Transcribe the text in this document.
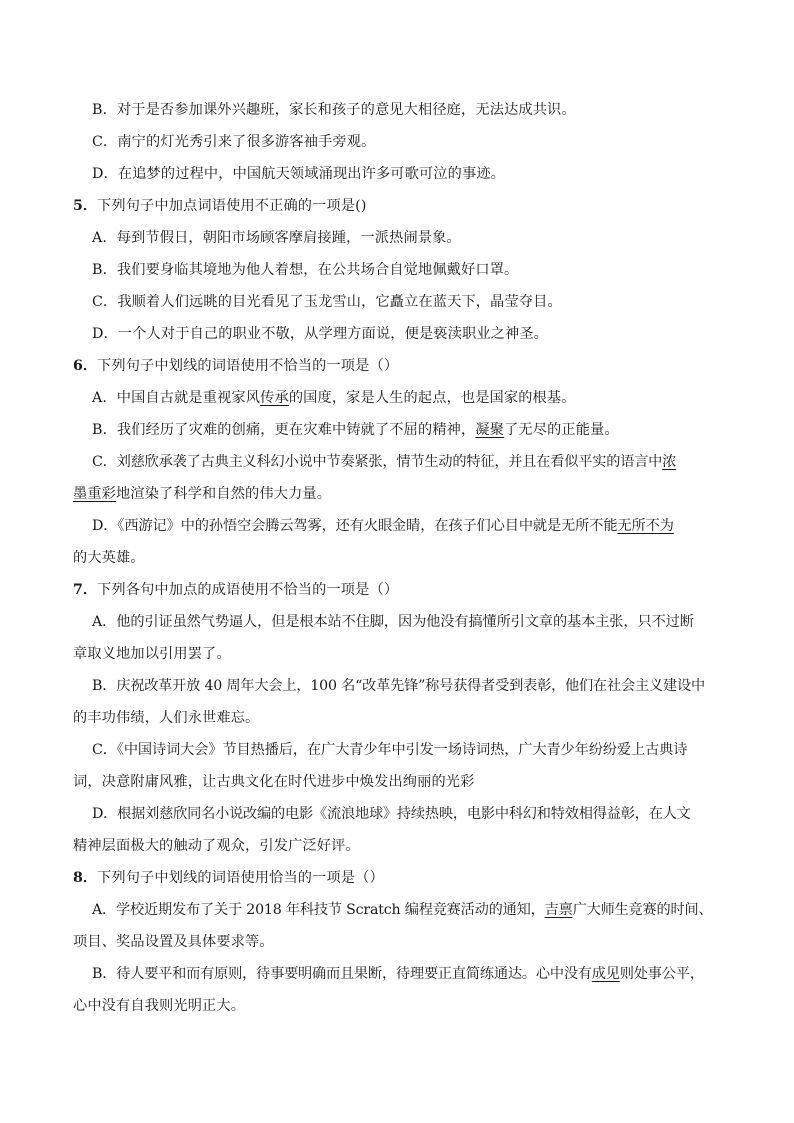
B．对于是否参加课外兴趣班，家长和孩子的意见大相径庭，无法达成共识。
C．南宁的灯光秀引来了很多游客袖手旁观。
D．在追梦的过程中，中国航天领域涌现出许多可歌可泣的事迹。
5．下列句子中加点词语使用不正确的一项是()
A．每到节假日，朝阳市场顾客摩肩接踵，一派热闹景象。
B．我们要身临其境地为他人着想，在公共场合自觉地佩戴好口罩。
C．我顺着人们远眺的目光看见了玉龙雪山，它矗立在蓝天下，晶莹夺目。
D．一个人对于自己的职业不敬，从学理方面说，便是亵渎职业之神圣。
6．下列句子中划线的词语使用不恰当的一项是（）
A．中国自古就是重视家风传承的国度，家是人生的起点，也是国家的根基。
B．我们经历了灾难的创痛，更在灾难中铸就了不屈的精神，凝聚了无尽的正能量。
C．刘慈欣承袭了古典主义科幻小说中节奏紧张，情节生动的特征，并且在看似平实的语言中浓
墨重彩地渲染了科学和自然的伟大力量。
D．《西游记》中的孙悟空会腾云驾雾，还有火眼金睛，在孩子们心目中就是无所不能无所不为
的大英雄。
7．下列各句中加点的成语使用不恰当的一项是（）
A．他的引证虽然气势逼人，但是根本站不住脚，因为他没有搞懂所引文章的基本主张，只不过断
章取义地加以引用罢了。
B．庆祝改革开放 40 周年大会上，100 名“改革先锋”称号获得者受到表彰，他们在社会主义建设中
的丰功伟绩，人们永世难忘。
C．《中国诗词大会》节目热播后，在广大青少年中引发一场诗词热，广大青少年纷纷爱上古典诗
词，决意附庸风雅，让古典文化在时代进步中焕发出绚丽的光彩
D．根据刘慈欣同名小说改编的电影《流浪地球》持续热映，电影中科幻和特效相得益彰，在人文
精神层面极大的触动了观众，引发广泛好评。
8．下列句子中划线的词语使用恰当的一项是（）
A．学校近期发布了关于 2018 年科技节 Scratch 编程竞赛活动的通知，吉禀广大师生竞赛的时间、
项目、奖品设置及具体要求等。
B．待人要平和而有原则，待事要明确而且果断，待理要正直简练通达。心中没有成见则处事公平，
心中没有自我则光明正大。
